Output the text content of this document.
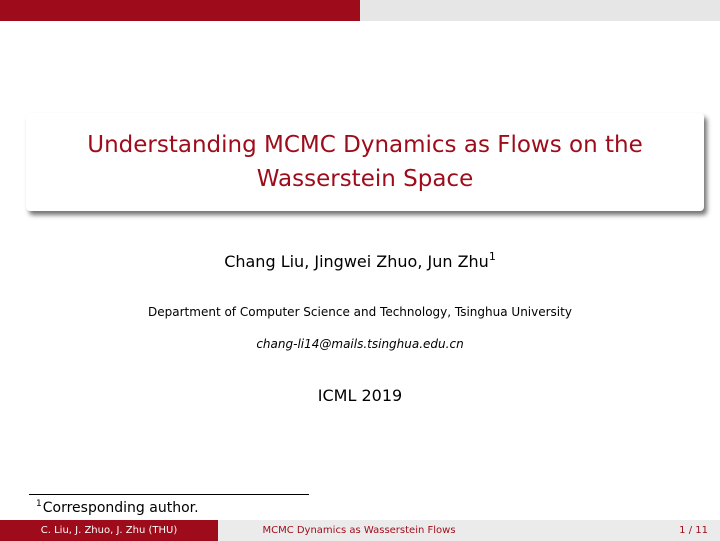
Understanding MCMC Dynamics as Flows on the
Wasserstein Space
Chang Liu, Jingwei Zhuo, Jun Zhu$^1$
Department of Computer Science and Technology, Tsinghua University
chang-li14@mails.tsinghua.edu.cn
ICML 2019
$^1$Corresponding author.
C. Liu, J. Zhuo, J. Zhu (THU)	MCMC Dynamics as Wasserstein Flows	1 / 11
